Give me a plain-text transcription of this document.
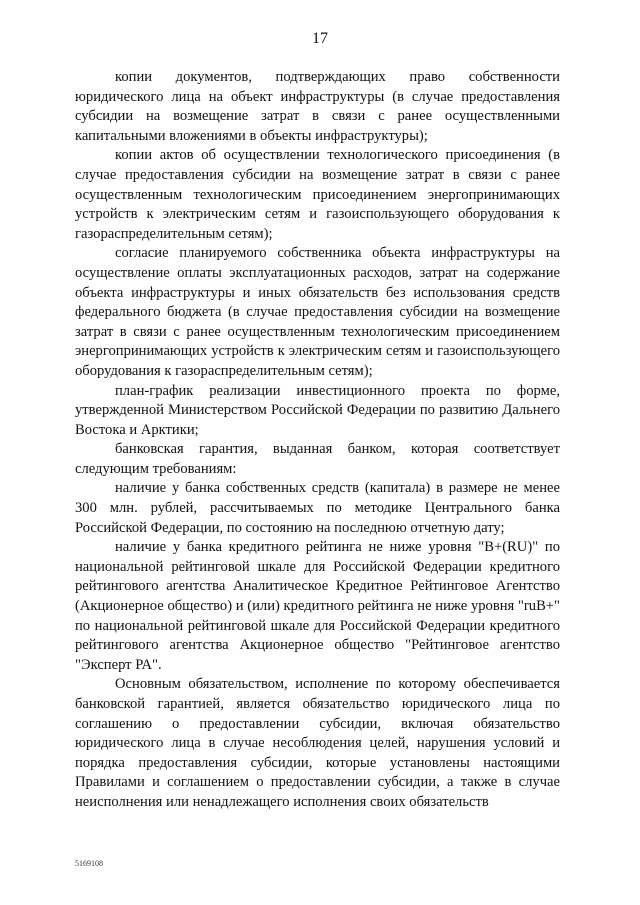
17

копии документов, подтверждающих право собственности юридического лица на объект инфраструктуры (в случае предоставления субсидии на возмещение затрат в связи с ранее осуществленными капитальными вложениями в объекты инфраструктуры);

копии актов об осуществлении технологического присоединения (в случае предоставления субсидии на возмещение затрат в связи с ранее осуществленным технологическим присоединением энергопринимающих устройств к электрическим сетям и газоиспользующего оборудования к газораспределительным сетям);

согласие планируемого собственника объекта инфраструктуры на осуществление оплаты эксплуатационных расходов, затрат на содержание объекта инфраструктуры и иных обязательств без использования средств федерального бюджета (в случае предоставления субсидии на возмещение затрат в связи с ранее осуществленным технологическим присоединением энергопринимающих устройств к электрическим сетям и газоиспользующего оборудования к газораспределительным сетям);

план-график реализации инвестиционного проекта по форме, утвержденной Министерством Российской Федерации по развитию Дальнего Востока и Арктики;

банковская гарантия, выданная банком, которая соответствует следующим требованиям:

наличие у банка собственных средств (капитала) в размере не менее 300 млн. рублей, рассчитываемых по методике Центрального банка Российской Федерации, по состоянию на последнюю отчетную дату;

наличие у банка кредитного рейтинга не ниже уровня "B+(RU)" по национальной рейтинговой шкале для Российской Федерации кредитного рейтингового агентства Аналитическое Кредитное Рейтинговое Агентство (Акционерное общество) и (или) кредитного рейтинга не ниже уровня "ruB+" по национальной рейтинговой шкале для Российской Федерации кредитного рейтингового агентства Акционерное общество "Рейтинговое агентство "Эксперт РА".

Основным обязательством, исполнение по которому обеспечивается банковской гарантией, является обязательство юридического лица по соглашению о предоставлении субсидии, включая обязательство юридического лица в случае несоблюдения целей, нарушения условий и порядка предоставления субсидии, которые установлены настоящими Правилами и соглашением о предоставлении субсидии, а также в случае неисполнения или ненадлежащего исполнения своих обязательств

5169108
